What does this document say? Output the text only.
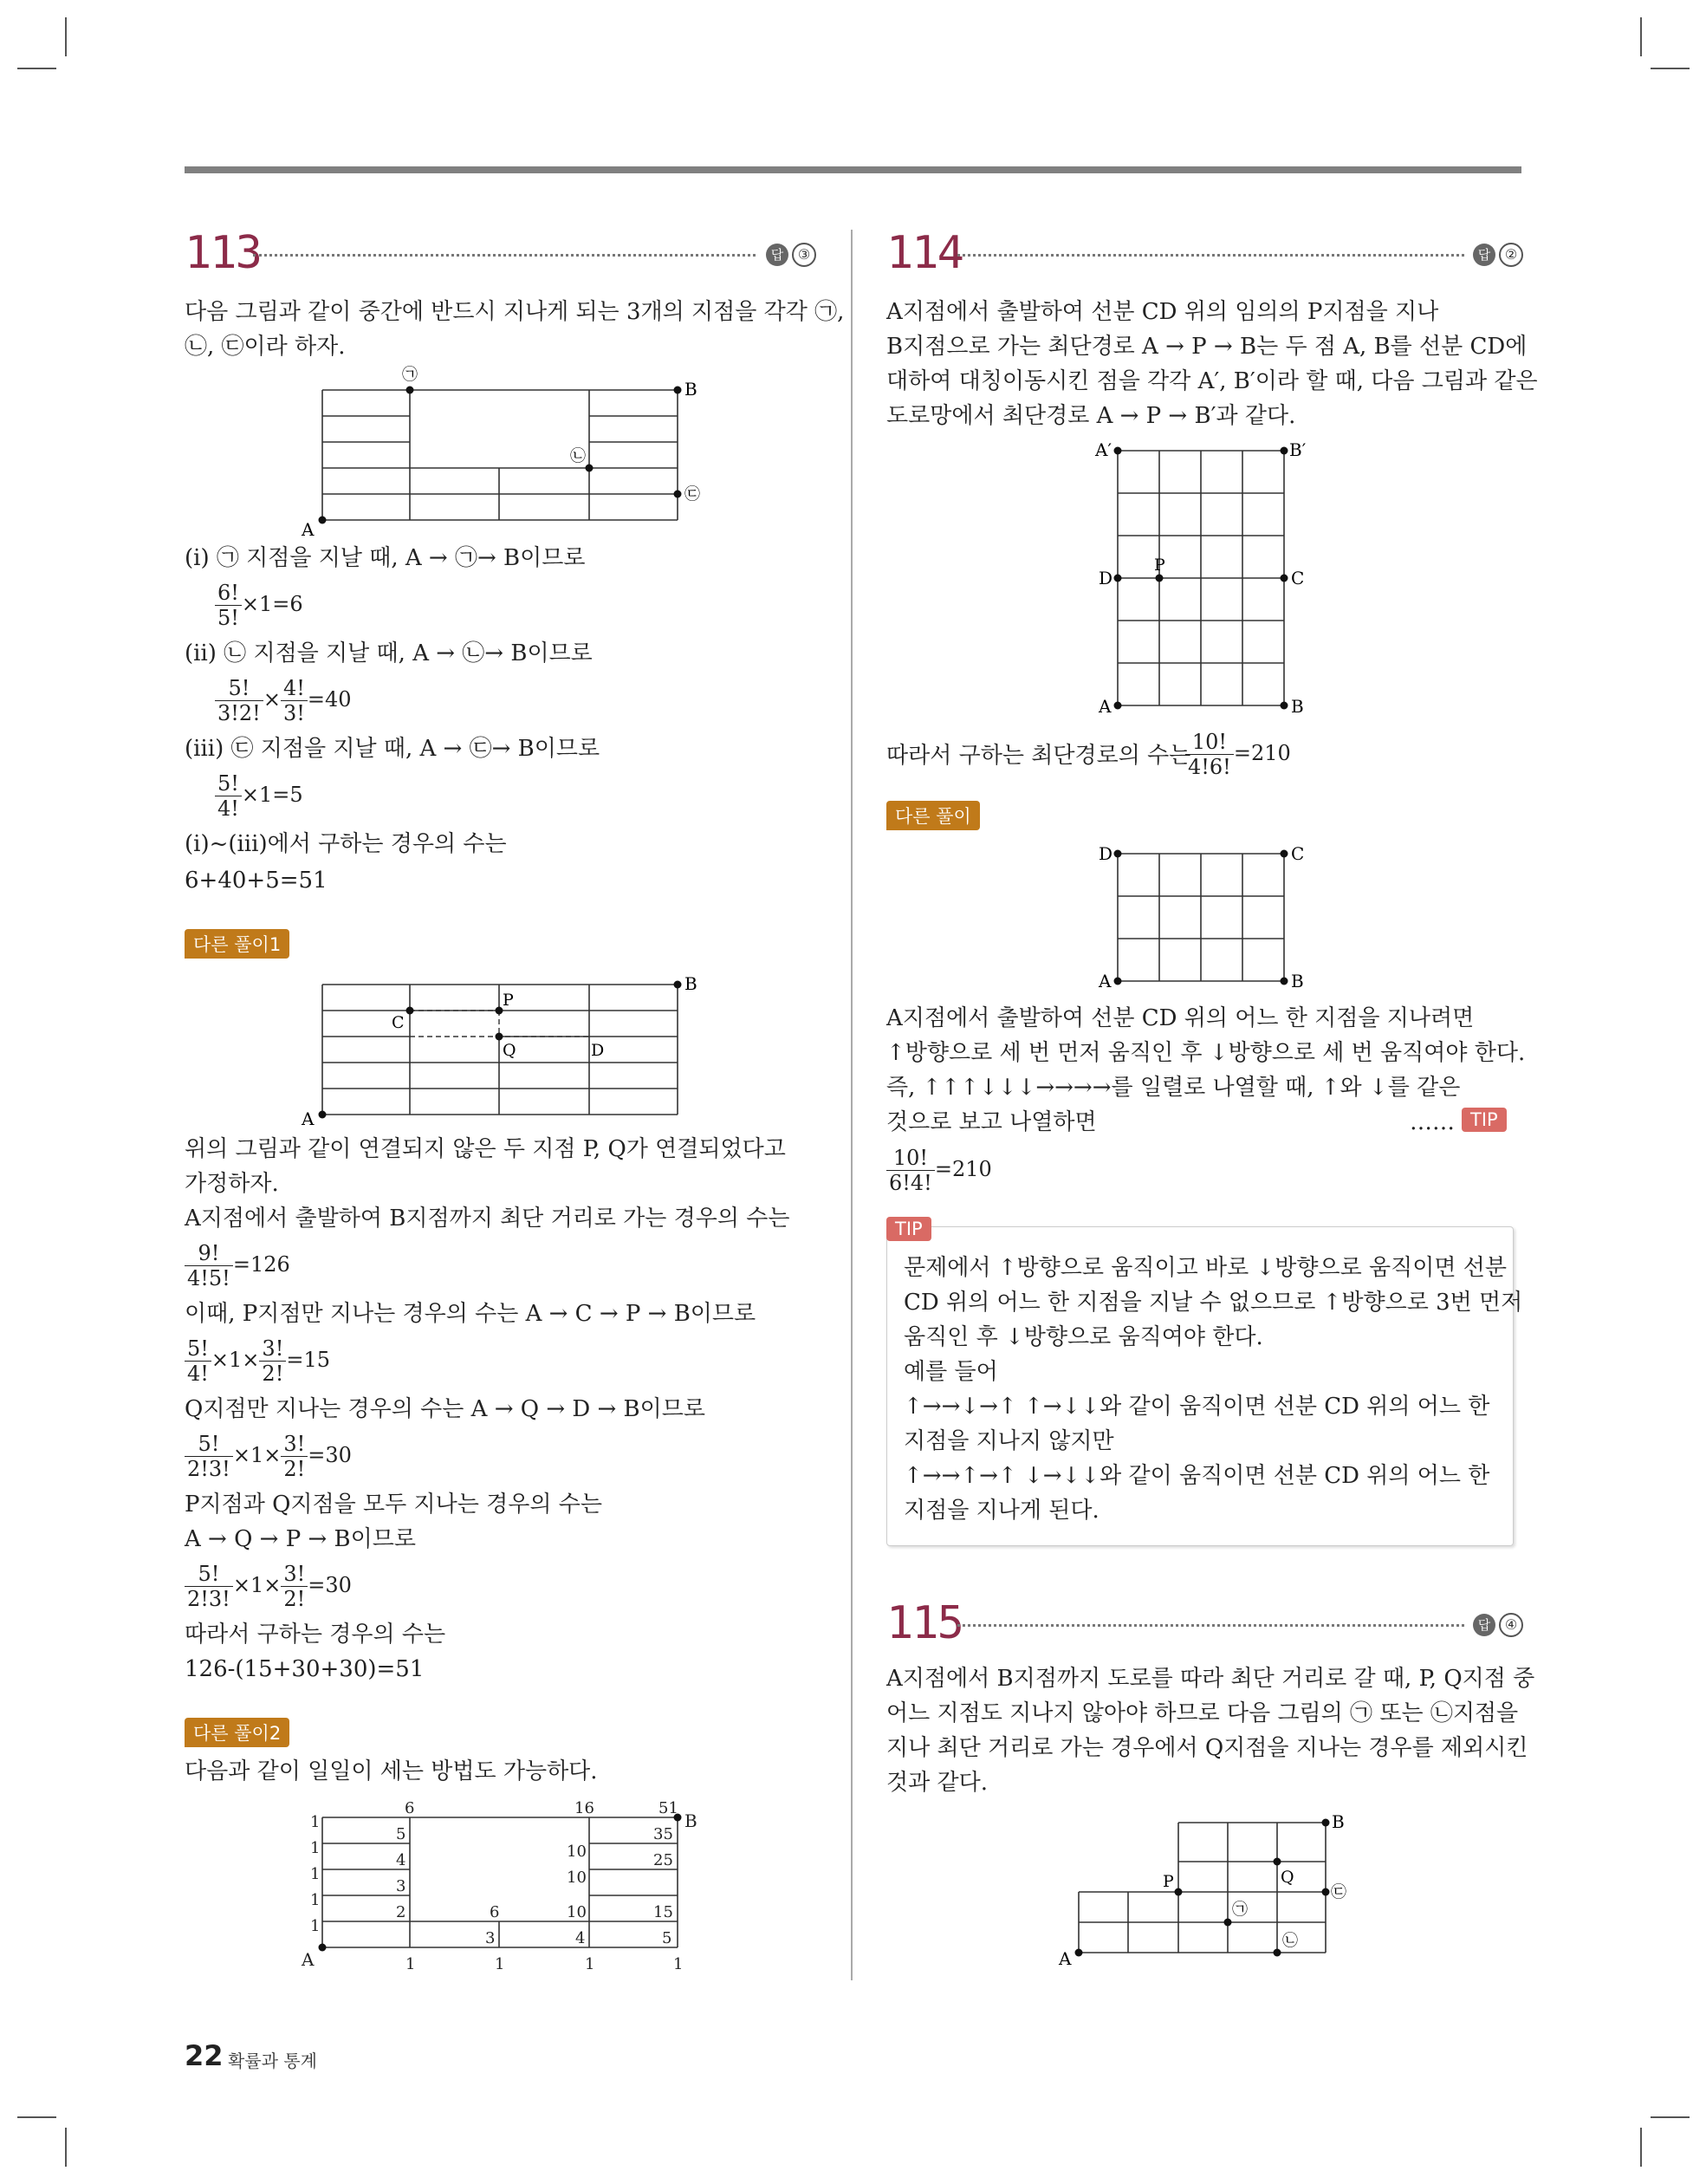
113	답 ③
다음 그림과 같이 중간에 반드시 지나게 되는 3개의 지점을 각각 ㉠,
㉡, ㉢이라 하자.
A
B
㉠
㉡
㉢
(ⅰ) ㉠ 지점을 지날 때, A → ㉠→ B이므로
$\frac{6!}{5!} \times 1=6$
(ⅱ) ㉡ 지점을 지날 때, A → ㉡→ B이므로
$\frac{5!}{3!2!} \times \frac{4!}{3!} =40$
(ⅲ) ㉢ 지점을 지날 때, A → ㉢→ B이므로
$\frac{5!}{4!} \times 1=5$
(ⅰ)~(ⅲ)에서 구하는 경우의 수는
6+40+5=51
다른 풀이1
A
B
P
Q
C
D
위의 그림과 같이 연결되지 않은 두 지점 P, Q가 연결되었다고
가정하자.
A지점에서 출발하여 B지점까지 최단 거리로 가는 경우의 수는
$\frac{9!}{4!5!} =126$
이때, P지점만 지나는 경우의 수는 A → C → P → B이므로
$\frac{5!}{4!} \times 1\times \frac{3!}{2!} =15$
Q지점만 지나는 경우의 수는 A → Q → D → B이므로
$\frac{5!}{2!3!} \times 1\times \frac{3!}{2!} =30$
P지점과 Q지점을 모두 지나는 경우의 수는
A → Q → P → B이므로
$\frac{5!}{2!3!} \times 1\times \frac{3!}{2!} =30$
따라서 구하는 경우의 수는
126-(15+30+30)=51
다른 풀이2
다음과 같이 일일이 세는 방법도 가능하다.
A
B
1
1
1
1
1
1	1	1	1
6	16	51
5
4
3
2	6
3
10
10
10
4
35
25
15
5
114	답 ②
A지점에서 출발하여 선분 CD 위의 임의의 P지점을 지나
B지점으로 가는 최단경로 A → P → B는 두 점 A, B를 선분 CD에
대하여 대칭이동시킨 점을 각각 A′, B′이라 할 때, 다음 그림과 같은
도로망에서 최단경로 A → P → B′과 같다.
A′	B′
D	C
P
A	B
따라서 구하는 최단경로의 수는
$\frac{10!}{4!6!} =210$
다른 풀이
D	C
A	B
A지점에서 출발하여 선분 CD 위의 어느 한 지점을 지나려면
↑방향으로 세 번 먼저 움직인 후 ↓방향으로 세 번 움직여야 한다.
즉, ↑↑↑↓↓↓→→→→를 일렬로 나열할 때, ↑와 ↓를 같은
것으로 보고 나열하면	…… TIP
$\frac{10!}{6!4!} =210$
TIP
문제에서 ↑방향으로 움직이고 바로 ↓방향으로 움직이면 선분
CD 위의 어느 한 지점을 지날 수 없으므로 ↑방향으로 3번 먼저
움직인 후 ↓방향으로 움직여야 한다.
예를 들어
↑→→↓→↑ ↑→↓↓와 같이 움직이면 선분 CD 위의 어느 한
지점을 지나지 않지만
↑→→↑→↑ ↓→↓↓와 같이 움직이면 선분 CD 위의 어느 한
지점을 지나게 된다.
115	답 ④
A지점에서 B지점까지 도로를 따라 최단 거리로 갈 때, P, Q지점 중
어느 지점도 지나지 않아야 하므로 다음 그림의 ㉠ 또는 ㉡지점을
지나 최단 거리로 가는 경우에서 Q지점을 지나는 경우를 제외시킨
것과 같다.
A
B
P	Q
㉠
㉡
㉢
22 확률과 통계
